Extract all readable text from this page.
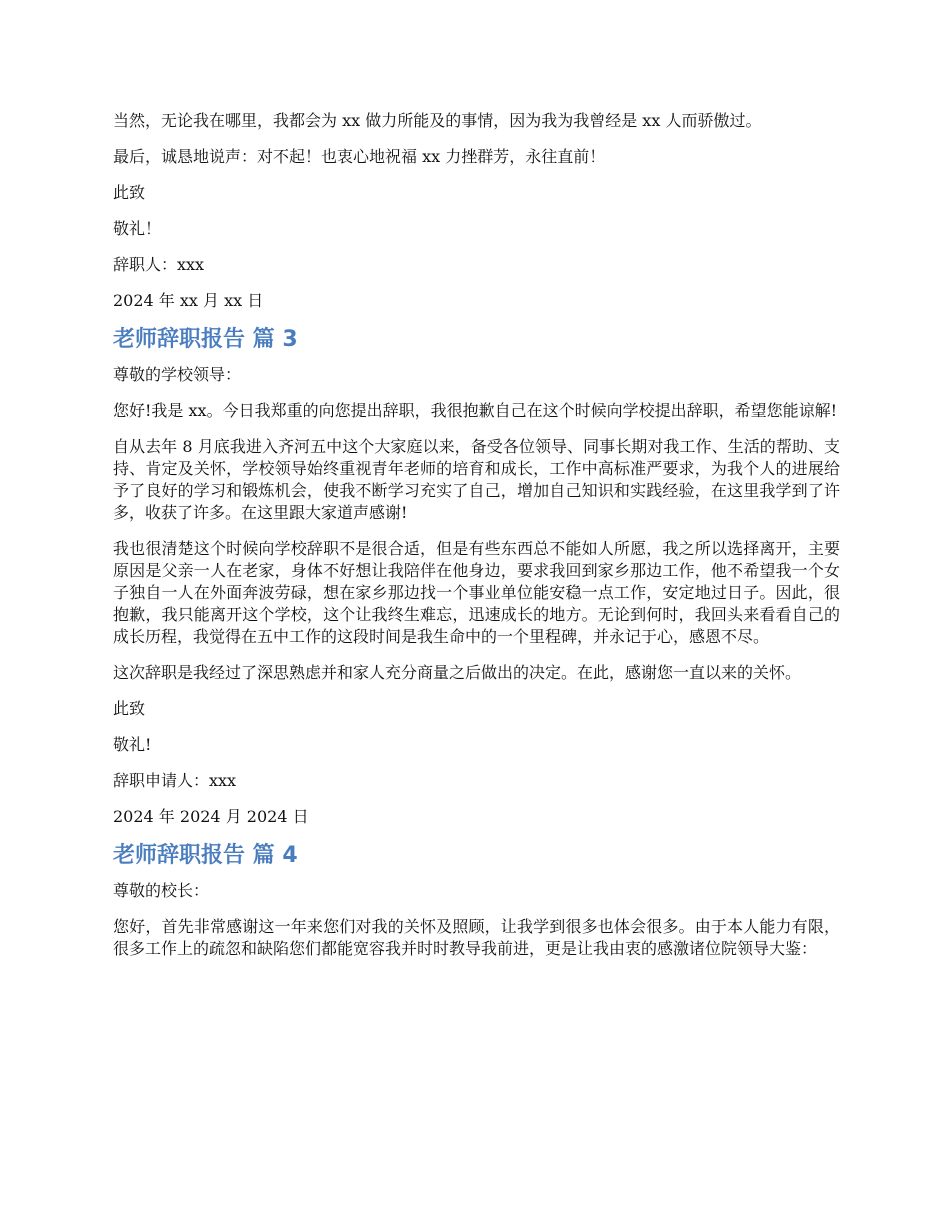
当然，无论我在哪里，我都会为 xx 做力所能及的事情，因为我为我曾经是 xx 人而骄傲过。

最后，诚恳地说声：对不起！也衷心地祝福 xx 力挫群芳，永往直前！

此致

敬礼！

辞职人：xxx

2024 年 xx 月 xx 日

老师辞职报告 篇 3

尊敬的学校领导：

您好!我是 xx。今日我郑重的向您提出辞职，我很抱歉自己在这个时候向学校提出辞职，希望您能谅解!

自从去年 8 月底我进入齐河五中这个大家庭以来，备受各位领导、同事长期对我工作、生活的帮助、支持、肯定及关怀，学校领导始终重视青年老师的培育和成长，工作中高标准严要求，为我个人的进展给予了良好的学习和锻炼机会，使我不断学习充实了自己，增加自己知识和实践经验，在这里我学到了许多，收获了许多。在这里跟大家道声感谢!

我也很清楚这个时候向学校辞职不是很合适，但是有些东西总不能如人所愿，我之所以选择离开，主要原因是父亲一人在老家，身体不好想让我陪伴在他身边，要求我回到家乡那边工作，他不希望我一个女子独自一人在外面奔波劳碌，想在家乡那边找一个事业单位能安稳一点工作，安定地过日子。因此，很抱歉，我只能离开这个学校，这个让我终生难忘，迅速成长的地方。无论到何时，我回头来看看自己的成长历程，我觉得在五中工作的这段时间是我生命中的一个里程碑，并永记于心，感恩不尽。

这次辞职是我经过了深思熟虑并和家人充分商量之后做出的决定。在此，感谢您一直以来的关怀。

此致

敬礼!

辞职申请人：xxx

2024 年 2024 月 2024 日

老师辞职报告 篇 4

尊敬的校长：

您好，首先非常感谢这一年来您们对我的关怀及照顾，让我学到很多也体会很多。由于本人能力有限，很多工作上的疏忽和缺陷您们都能宽容我并时时教导我前进，更是让我由衷的感激诸位院领导大鉴：
